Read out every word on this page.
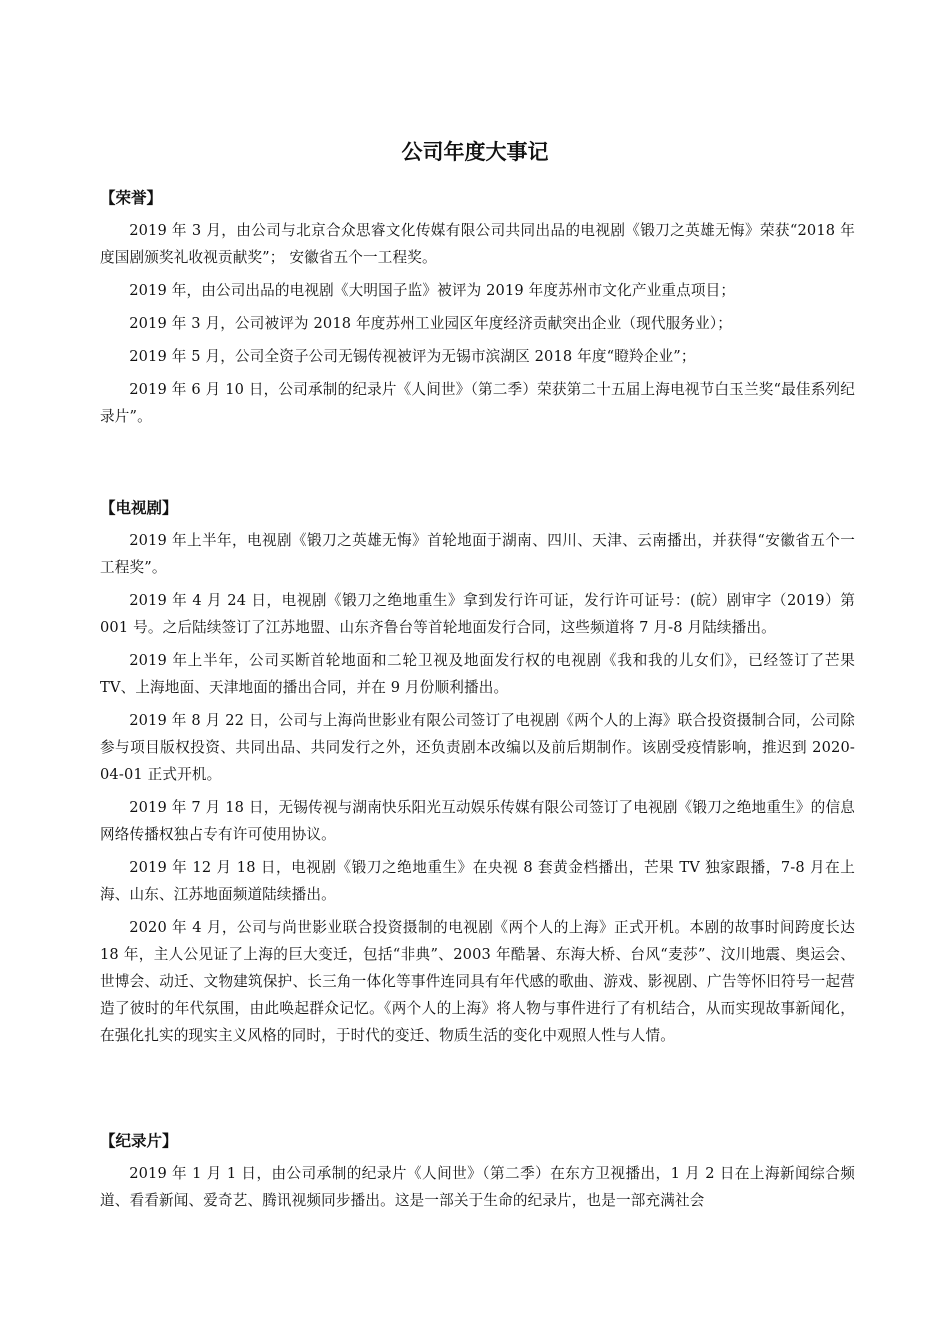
公司年度大事记
【荣誉】

2019 年 3 月，由公司与北京合众思睿文化传媒有限公司共同出品的电视剧《锻刀之英雄无悔》荣获“2018 年度国剧颁奖礼收视贡献奖”； 安徽省五个一工程奖。

2019 年，由公司出品的电视剧《大明国子监》被评为 2019 年度苏州市文化产业重点项目；

2019 年 3 月，公司被评为 2018 年度苏州工业园区年度经济贡献突出企业（现代服务业）；

2019 年 5 月，公司全资子公司无锡传视被评为无锡市滨湖区 2018 年度“瞪羚企业”；

2019 年 6 月 10 日，公司承制的纪录片《人间世》（第二季）荣获第二十五届上海电视节白玉兰奖“最佳系列纪录片”。

【电视剧】

2019 年上半年，电视剧《锻刀之英雄无悔》首轮地面于湖南、四川、天津、云南播出，并获得“安徽省五个一工程奖”。

2019 年 4 月 24 日，电视剧《锻刀之绝地重生》拿到发行许可证，发行许可证号：(皖）剧审字（2019）第 001 号。之后陆续签订了江苏地盟、山东齐鲁台等首轮地面发行合同，这些频道将 7 月-8 月陆续播出。

2019 年上半年，公司买断首轮地面和二轮卫视及地面发行权的电视剧《我和我的儿女们》，已经签订了芒果 TV、上海地面、天津地面的播出合同，并在 9 月份顺利播出。

2019 年 8 月 22 日，公司与上海尚世影业有限公司签订了电视剧《两个人的上海》联合投资摄制合同，公司除参与项目版权投资、共同出品、共同发行之外，还负责剧本改编以及前后期制作。该剧受疫情影响，推迟到 2020-04-01 正式开机。

2019 年 7 月 18 日，无锡传视与湖南快乐阳光互动娱乐传媒有限公司签订了电视剧《锻刀之绝地重生》的信息网络传播权独占专有许可使用协议。

2019 年 12 月 18 日，电视剧《锻刀之绝地重生》在央视 8 套黄金档播出，芒果 TV 独家跟播，7-8 月在上海、山东、江苏地面频道陆续播出。

2020 年 4 月，公司与尚世影业联合投资摄制的电视剧《两个人的上海》正式开机。本剧的故事时间跨度长达 18 年，主人公见证了上海的巨大变迁，包括“非典”、2003 年酷暑、东海大桥、台风“麦莎”、汶川地震、奥运会、世博会、动迁、文物建筑保护、长三角一体化等事件连同具有年代感的歌曲、游戏、影视剧、广告等怀旧符号一起营造了彼时的年代氛围，由此唤起群众记忆。《两个人的上海》将人物与事件进行了有机结合，从而实现故事新闻化，在强化扎实的现实主义风格的同时，于时代的变迁、物质生活的变化中观照人性与人情。

【纪录片】

2019 年 1 月 1 日，由公司承制的纪录片《人间世》（第二季）在东方卫视播出，1 月 2 日在上海新闻综合频道、看看新闻、爱奇艺、腾讯视频同步播出。这是一部关于生命的纪录片，也是一部充满社会
